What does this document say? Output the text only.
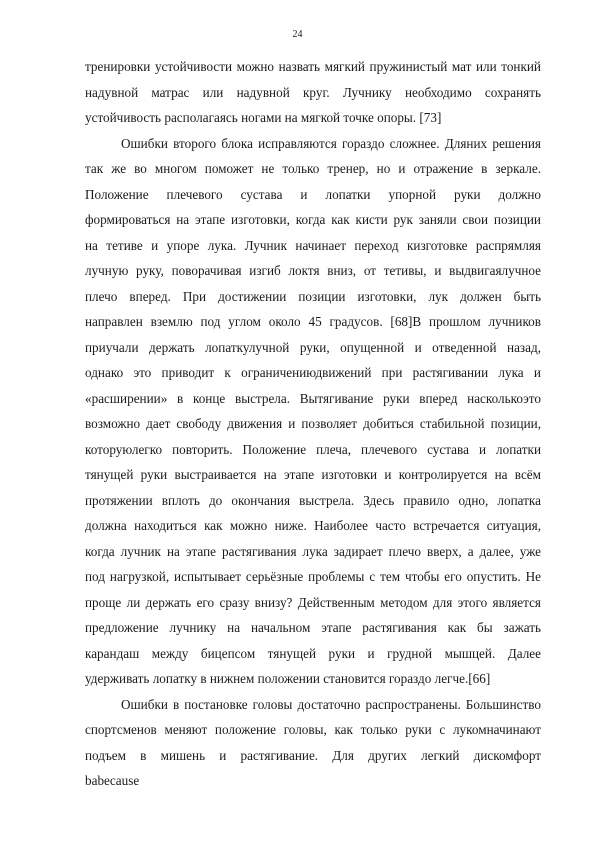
24
тренировки устойчивости можно назвать мягкий пружинистый мат или тонкий
надувной матрас или надувной круг. Лучнику необходимо сохранять
устойчивость располагаясь ногами на мягкой точке опоры. [73]
Ошибки второго блока исправляются гораздо сложнее. Дляних решения
так же во многом поможет не только тренер, но и отражение в зеркале.
Положение плечевого сустава и лопатки упорной руки должно
формироваться на этапе изготовки, когда как кисти рук заняли свои позиции
на тетиве и упоре лука. Лучник начинает переход кизготовке распрямляя
лучную руку, поворачивая изгиб локтя вниз, от тетивы, и выдвигаялучное
плечо вперед. При достижении позиции изготовки, лук должен быть
направлен вземлю под углом около 45 градусов. [68]В прошлом лучников
приучали держать лопаткулучной руки, опущенной и отведенной назад,
однако это приводит к ограничениюдвижений при растягивании лука и
«расширении» в конце выстрела. Вытягивание руки вперед насколькоэто
возможно дает свободу движения и позволяет добиться стабильной позиции,
которуюлегко повторить. Положение плеча, плечевого сустава и лопатки
тянущей руки выстраивается на этапе изготовки и контролируется на всём
протяжении вплоть до окончания выстрела. Здесь правило одно, лопатка
должна находиться как можно ниже. Наиболее часто встречается ситуация,
когда лучник на этапе растягивания лука задирает плечо вверх, а далее, уже
под нагрузкой, испытывает серьёзные проблемы с тем чтобы его опустить. Не
проще ли держать его сразу внизу? Действенным методом для этого является
предложение лучнику на начальном этапе растягивания как бы зажать
карандаш между бицепсом тянущей руки и грудной мышцей. Далее
удерживать лопатку в нижнем положении становится гораздо легче.[66]
Ошибки в постановке головы достаточно распространены. Большинство
спортсменов меняют положение головы, как только руки с лукомначинают
подъем в мишень и растягивание. Для других легкий дискомфорт
babecause
